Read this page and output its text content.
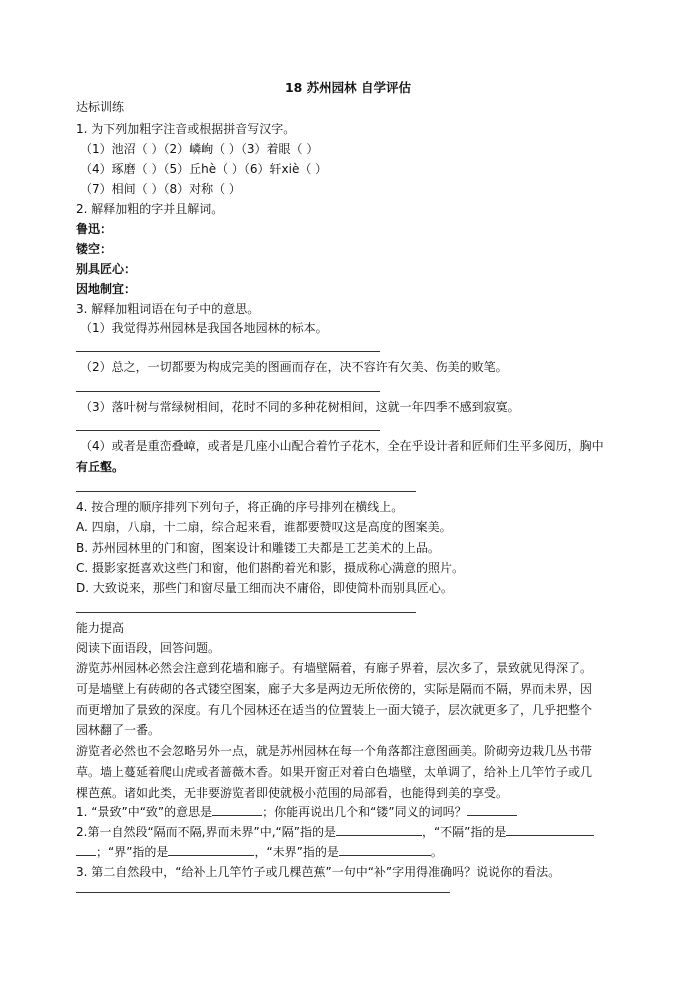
18 苏州园林 自学评估
达标训练
1. 为下列加粗字注音或根据拼音写汉字。
（1）池沼（ ）（2）嶙峋（ ）（3）着眼（ ）
（4）琢磨（ ）（5）丘hè（ ）（6）轩xiè（ ）
（7）相间（ ）（8）对称（ ）
2. 解释加粗的字并且解词。
鲁迅：
镂空：
别具匠心：
因地制宜：
3. 解释加粗词语在句子中的意思。
（1）我觉得苏州园林是我国各地园林的标本。
（2）总之，一切都要为构成完美的图画而存在，决不容许有欠美、伤美的败笔。
（3）落叶树与常绿树相间，花时不同的多种花树相间，这就一年四季不感到寂寞。
（4）或者是重峦叠嶂，或者是几座小山配合着竹子花木，全在乎设计者和匠师们生平多阅历，胸中
有丘壑。
4. 按合理的顺序排列下列句子，将正确的序号排列在横线上。
A. 四扇，八扇，十二扇，综合起来看，谁都要赞叹这是高度的图案美。
B. 苏州园林里的门和窗，图案设计和雕镂工夫都是工艺美术的上品。
C. 摄影家挺喜欢这些门和窗，他们斟酌着光和影，摄成称心满意的照片。
D. 大致说来，那些门和窗尽量工细而决不庸俗，即使简朴而别具匠心。
能力提高
阅读下面语段，回答问题。
游览苏州园林必然会注意到花墙和廊子。有墙壁隔着，有廊子界着，层次多了，景致就见得深了。
可是墙壁上有砖砌的各式镂空图案，廊子大多是两边无所依傍的，实际是隔而不隔，界而未界，因
而更增加了景致的深度。有几个园林还在适当的位置装上一面大镜子，层次就更多了，几乎把整个
园林翻了一番。
游览者必然也不会忽略另外一点，就是苏州园林在每一个角落都注意图画美。阶砌旁边栽几丛书带
草。墙上蔓延着爬山虎或者蔷薇木香。如果开窗正对着白色墙壁，太单调了，给补上几竿竹子或几
棵芭蕉。诸如此类，无非要游览者即使就极小范围的局部看，也能得到美的享受。
1. “景致”中“致”的意思是	；你能再说出几个和“镂”同义的词吗？
2.第一自然段“隔而不隔,界而未界”中,“隔”指的是	，“不隔”指的是
；“界”指的是	，“未界”指的是	。
3. 第二自然段中，“给补上几竿竹子或几棵芭蕉”一句中“补”字用得准确吗？说说你的看法。
